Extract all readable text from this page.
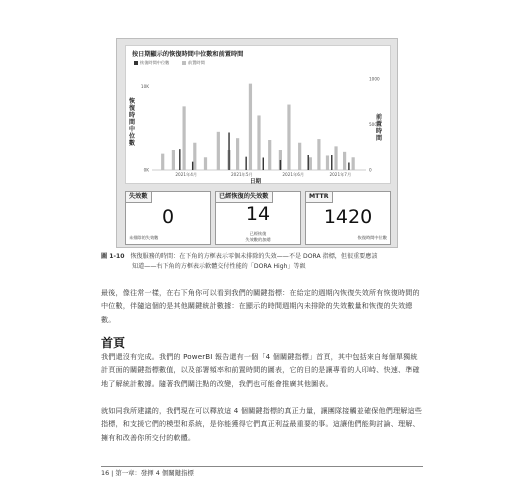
按日期顯示的恢復時間中位數和前置時間
恢復時間中位數	前置時間
恢復時間中位數
前置時間
日期
10K
0K
1000
500
0
2021年4月	2021年5月	2021年6月	2021年7月
失效數
0
未排除的失效數
已經恢復的失效數
14
已經恢復
失效數的加總
MTTR
1420
恢復時間中位數
圖 1-10 恢復服務的時間：在下角的方框表示零個未排除的失效——不是 DORA 指標，但很重要應該
知道——右下角的方框表示軟體交付性能的「DORA High」等級

最後，像往常一樣，在右下角你可以看到我們的關鍵指標：在給定的週期內恢復失效所有恢復時間的中位數，伴隨這個的是其他關鍵統計數據：在顯示的時間週期內未排除的失效數量和恢復的失效總數。

首頁

我們還沒有完成。我們的 PowerBI 報告還有一個「4 個關鍵指標」首頁，其中包括來自每個單獨統計頁面的關鍵指標數值，以及部署頻率和前置時間的圖表，它的目的是讓專看的人印峙、快速、準確地了解統計數據。隨著我們關注點的改變，我們也可能會推廣其他圖表。

就如同我所建議的，我們現在可以釋放這 4 個關鍵指標的真正力量，讓團隊接觸並確保他們理解這些指標，和支援它們的模型和系統，是你能獲得它們真正利益最重要的事。這讓他們能夠討論、理解、擁有和改善你所交付的軟體。

16 | 第一章：發揮 4 個關鍵指標
